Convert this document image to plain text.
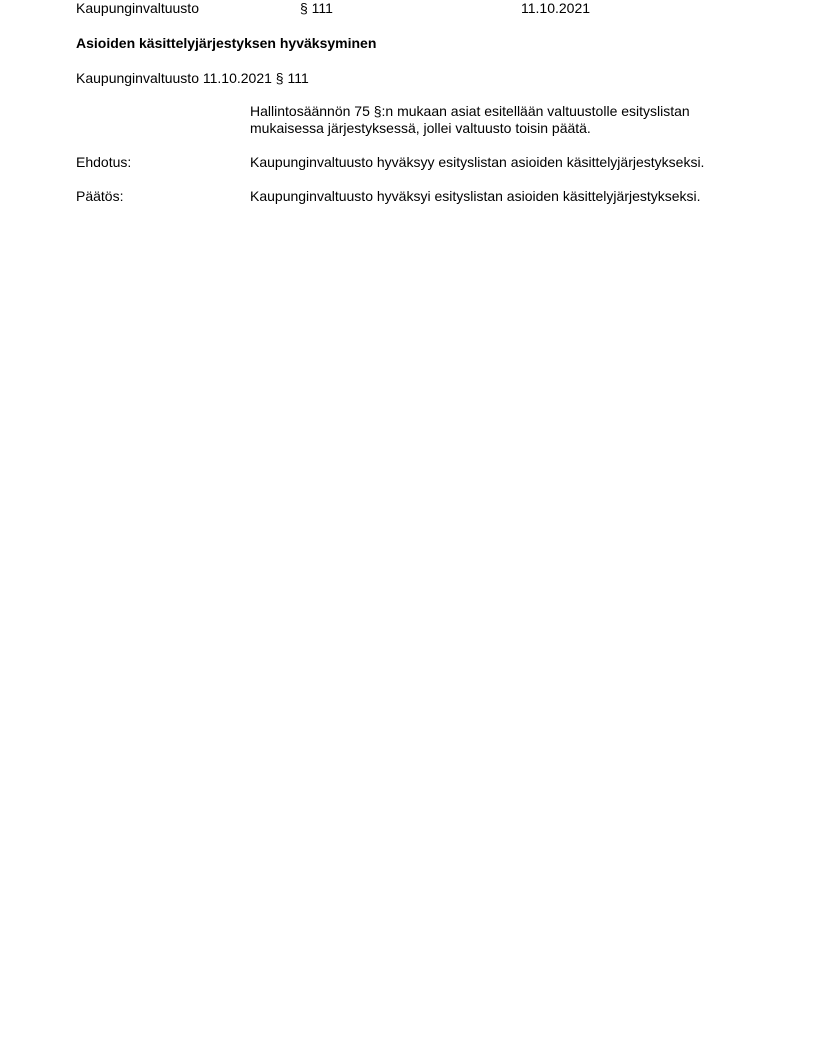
Kaupunginvaltuusto	§ 111	11.10.2021
Asioiden käsittelyjärjestyksen hyväksyminen
Kaupunginvaltuusto 11.10.2021 § 111
Hallintosäännön 75 §:n mukaan asiat esitellään valtuustolle esityslistan
mukaisessa järjestyksessä, jollei valtuusto toisin päätä.
Ehdotus:	Kaupunginvaltuusto hyväksyy esityslistan asioiden käsittelyjärjestykseksi.
Päätös:	Kaupunginvaltuusto hyväksyi esityslistan asioiden käsittelyjärjestykseksi.
